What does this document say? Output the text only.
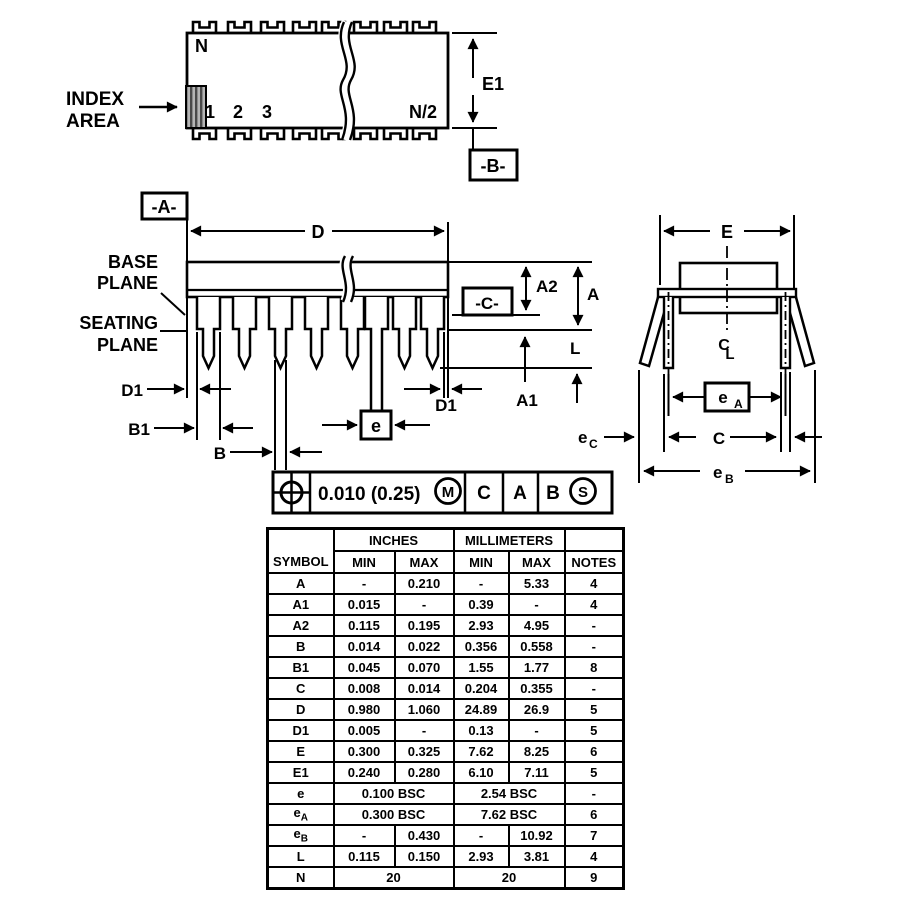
N
1 2 3	N/2
INDEX
AREA
E1
-B-
-A-
D
BASE
PLANE
SEATING
PLANE
D1
B1
B
e
D1
-C-
A2 A
A1
L
0.010 (0.25) M C A B S
E
C
L
e A
e C	C
e B
SYMBOL	INCHES		MILLIMETERS		
	MIN	MAX	MIN	MAX	NOTES
A	-	0.210	-	5.33	4
A1	0.015	-	0.39	-	4
A2	0.115	0.195	2.93	4.95	-
B	0.014	0.022	0.356	0.558	-
B1	0.045	0.070	1.55	1.77	8
C	0.008	0.014	0.204	0.355	-
D	0.980	1.060	24.89	26.9	5
D1	0.005	-	0.13	-	5
E	0.300	0.325	7.62	8.25	6
E1	0.240	0.280	6.10	7.11	5
e	0.100 BSC		2.54 BSC		-
$e_A$	0.300 BSC		7.62 BSC		6
$e_B$	-	0.430	-	10.92	7
L	0.115	0.150	2.93	3.81	4
N	20		20		9
